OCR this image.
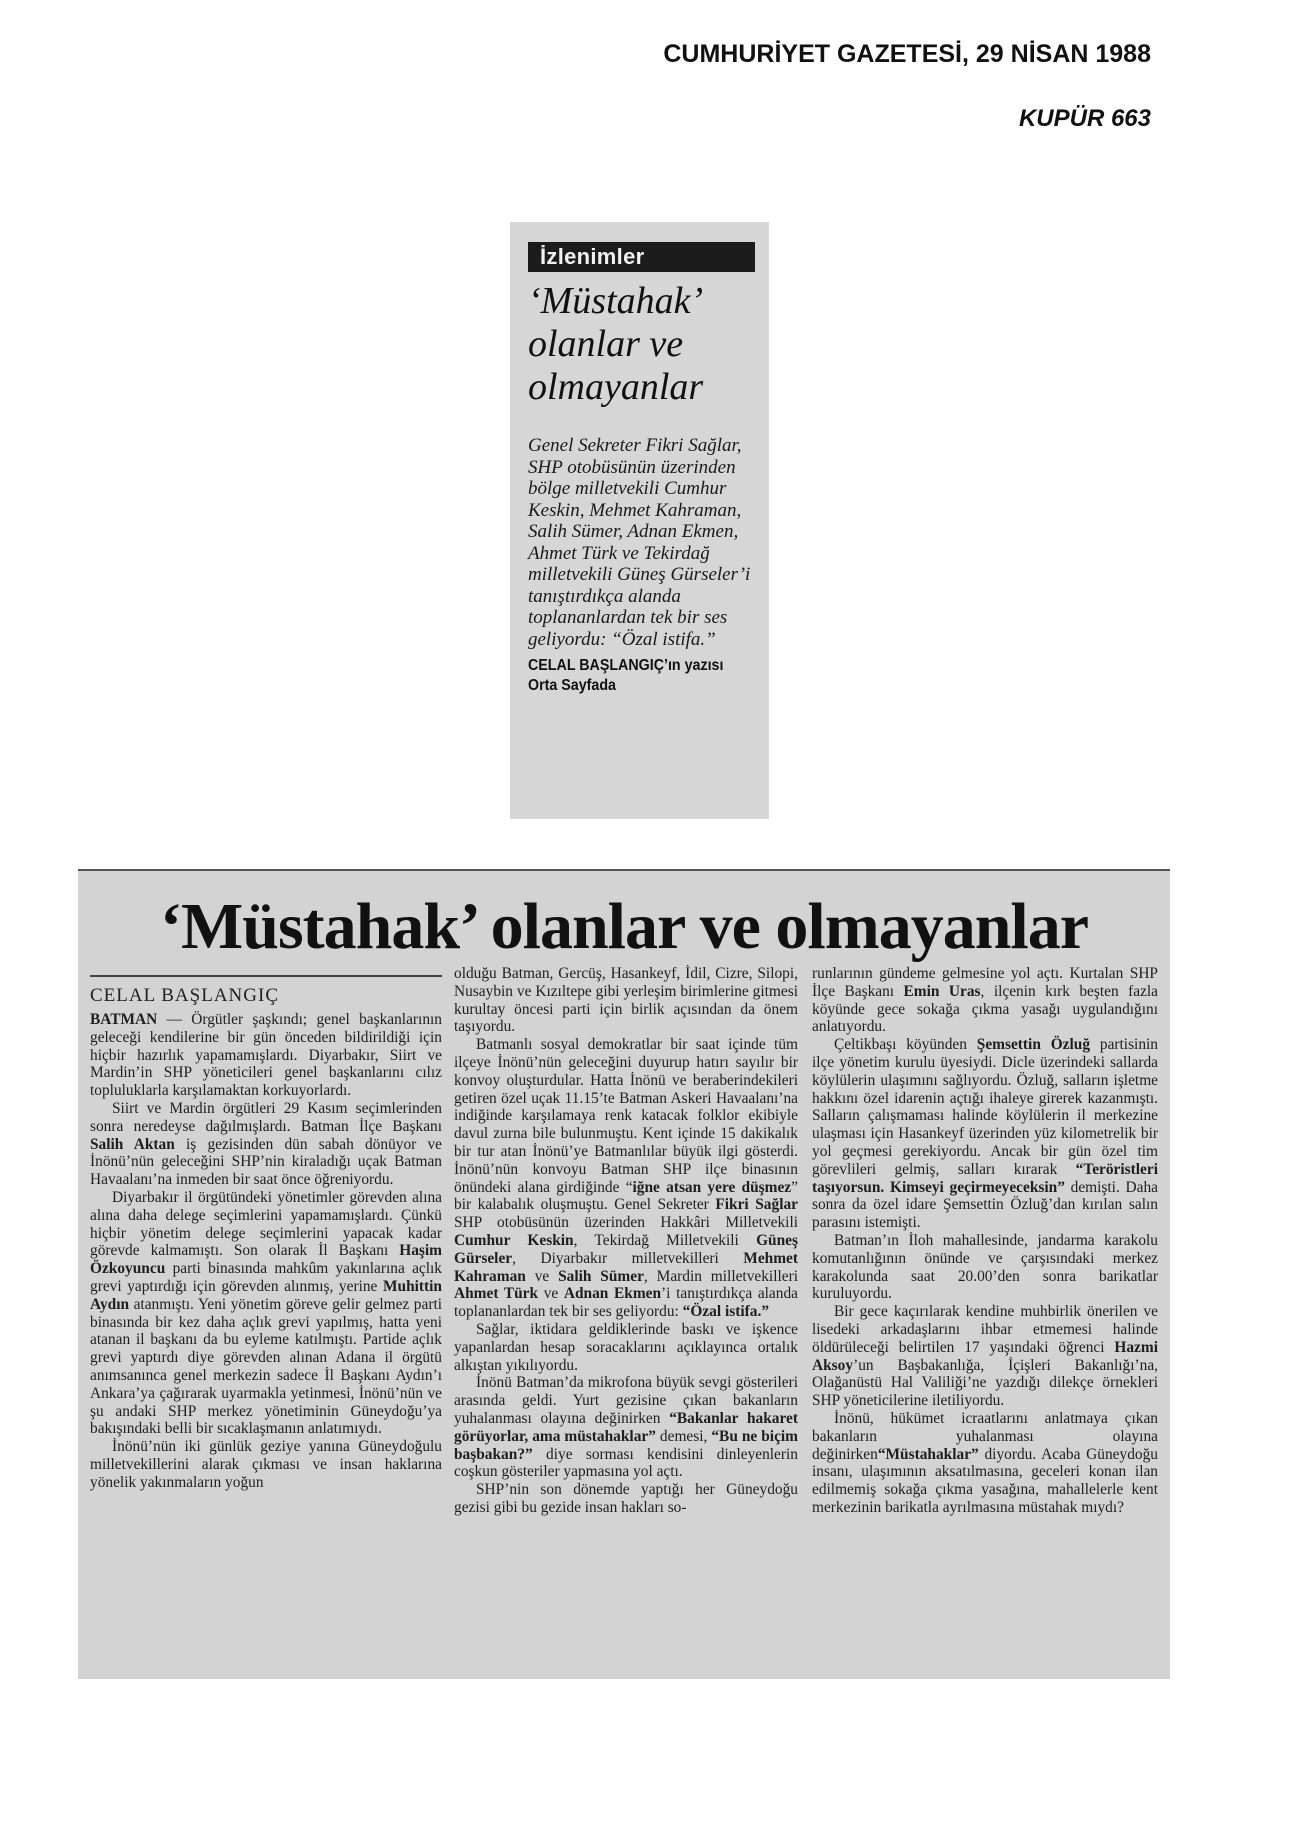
CUMHURİYET GAZETESİ, 29 NİSAN 1988
KUPÜR 663
İzlenimler
‘Müstahak’ olanlar ve olmayanlar
Genel Sekreter Fikri Sağlar, SHP otobüsünün üzerinden bölge milletvekili Cumhur Keskin, Mehmet Kahraman, Salih Sümer, Adnan Ekmen, Ahmet Türk ve Tekirdağ milletvekili Güneş Gürseler’i tanıştırdıkça alanda toplananlardan tek bir ses geliyordu: “Özal istifa.”
CELAL BAŞLANGIÇ’ın yazısı Orta Sayfada
‘Müstahak’ olanlar ve olmayanlar
CELAL BAŞLANGIÇ

BATMAN — Örgütler şaşkındı; genel başkanlarının geleceği kendilerine bir gün önceden bildirildiği için hiçbir hazırlık yapamamışlardı. Diyarbakır, Siirt ve Mardin’in SHP yöneticileri genel başkanlarını cılız topluluklarla karşılamaktan korkuyorlardı.

Siirt ve Mardin örgütleri 29 Kasım seçimlerinden sonra neredeyse dağılmışlardı. Batman İlçe Başkanı Salih Aktan iş gezisinden dün sabah dönüyor ve İnönü’nün geleceğini SHP’nin kiraladığı uçak Batman Havaalanı’na inmeden bir saat önce öğreniyordu.

Diyarbakır il örgütündeki yönetimler görevden alına alına daha delege seçimlerini yapamamışlardı. Çünkü hiçbir yönetim delege seçimlerini yapacak kadar görevde kalmamıştı. Son olarak İl Başkanı Haşim Özkoyuncu parti binasında mahkûm yakınlarına açlık grevi yaptırdığı için görevden alınmış, yerine Muhittin Aydın atanmıştı. Yeni yönetim göreve gelir gelmez parti binasında bir kez daha açlık grevi yapılmış, hatta yeni atanan il başkanı da bu eyleme katılmıştı. Partide açlık grevi yaptırdı diye görevden alınan Adana il örgütü anımsanınca genel merkezin sadece İl Başkanı Aydın’ı Ankara’ya çağırarak uyarmakla yetinmesi, İnönü’nün ve şu andaki SHP merkez yönetiminin Güneydoğu’ya bakışındaki belli bir sıcaklaşmanın anlatımıydı.

İnönü’nün iki günlük geziye yanına Güneydoğulu milletvekillerini alarak çıkması ve insan haklarına yönelik yakınmaların yoğun

olduğu Batman, Gercüş, Hasankeyf, İdil, Cizre, Silopi, Nusaybin ve Kızıltepe gibi yerleşim birimlerine gitmesi kurultay öncesi parti için birlik açısından da önem taşıyordu.

Batmanlı sosyal demokratlar bir saat içinde tüm ilçeye İnönü’nün geleceğini duyurup hatırı sayılır bir konvoy oluşturdular. Hatta İnönü ve beraberindekileri getiren özel uçak 11.15’te Batman Askeri Havaalanı’na indiğinde karşılamaya renk katacak folklor ekibiyle davul zurna bile bulunmuştu. Kent içinde 15 dakikalık bir tur atan İnönü’ye Batmanlılar büyük ilgi gösterdi. İnönü’nün konvoyu Batman SHP ilçe binasının önündeki alana girdiğinde “iğne atsan yere düşmez” bir kalabalık oluşmuştu. Genel Sekreter Fikri Sağlar SHP otobüsünün üzerinden Hakkâri Milletvekili Cumhur Keskin, Tekirdağ Milletvekili Güneş Gürseler, Diyarbakır milletvekilleri Mehmet Kahraman ve Salih Sümer, Mardin milletvekilleri Ahmet Türk ve Adnan Ekmen’i tanıştırdıkça alanda toplananlardan tek bir ses geliyordu: “Özal istifa.”

Sağlar, iktidara geldiklerinde baskı ve işkence yapanlardan hesap soracaklarını açıklayınca ortalık alkıştan yıkılıyordu.

İnönü Batman’da mikrofona büyük sevgi gösterileri arasında geldi. Yurt gezisine çıkan bakanların yuhalanması olayına değinirken “Bakanlar hakaret görüyorlar, ama müstahaklar” demesi, “Bu ne biçim başbakan?” diye sorması kendisini dinleyenlerin coşkun gösteriler yapmasına yol açtı.

SHP’nin son dönemde yaptığı her Güneydoğu gezisi gibi bu gezide insan hakları so-

runlarının gündeme gelmesine yol açtı. Kurtalan SHP İlçe Başkanı Emin Uras, ilçenin kırk beşten fazla köyünde gece sokağa çıkma yasağı uygulandığını anlatıyordu.

Çeltikbaşı köyünden Şemsettin Özluğ partisinin ilçe yönetim kurulu üyesiydi. Dicle üzerindeki sallarda köylülerin ulaşımını sağlıyordu. Özluğ, salların işletme hakkını özel idarenin açtığı ihaleye girerek kazanmıştı. Salların çalışmaması halinde köylülerin il merkezine ulaşması için Hasankeyf üzerinden yüz kilometrelik bir yol geçmesi gerekiyordu. Ancak bir gün özel tim görevlileri gelmiş, salları kırarak “Teröristleri taşıyorsun. Kimseyi geçirmeyeceksin” demişti. Daha sonra da özel idare Şemsettin Özluğ’dan kırılan salın parasını istemişti.

Batman’ın İloh mahallesinde, jandarma karakolu komutanlığının önünde ve çarşısındaki merkez karakolunda saat 20.00’den sonra barikatlar kuruluyordu.

Bir gece kaçırılarak kendine muhbirlik önerilen ve lisedeki arkadaşlarını ihbar etmemesi halinde öldürüleceği belirtilen 17 yaşındaki öğrenci Hazmi Aksoy’un Başbakanlığa, İçişleri Bakanlığı’na, Olağanüstü Hal Valiliği’ne yazdığı dilekçe örnekleri SHP yöneticilerine iletiliyordu.

İnönü, hükümet icraatlarını anlatmaya çıkan bakanların yuhalanması olayına değinirken“Müstahaklar” diyordu. Acaba Güneydoğu insanı, ulaşımının aksatılmasına, geceleri konan ilan edilmemiş sokağa çıkma yasağına, mahallelerle kent merkezinin barikatla ayrılmasına müstahak mıydı?
